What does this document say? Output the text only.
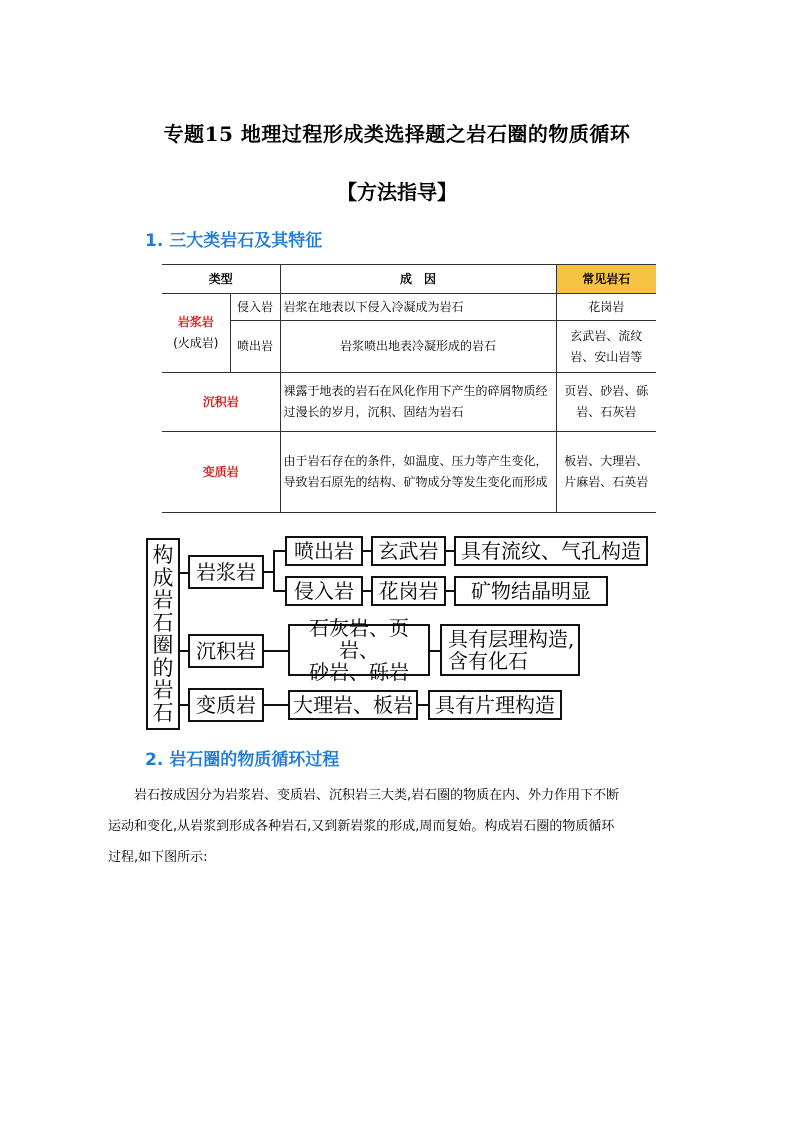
专题15 地理过程形成类选择题之岩石圈的物质循环
【方法指导】
1. 三大类岩石及其特征
类型		成　因	常见岩石

岩浆岩
(火成岩)	侵入岩	岩浆在地表以下侵入冷凝成为岩石	花岗岩
	喷出岩	岩浆喷出地表冷凝形成的岩石	玄武岩、流纹岩、安山岩等
沉积岩		裸露于地表的岩石在风化作用下产生的碎屑物质经过漫长的岁月，沉积、固结为岩石	页岩、砂岩、砾岩、石灰岩
变质岩		由于岩石存在的条件，如温度、压力等产生变化，导致岩石原先的结构、矿物成分等发生变化而形成	板岩、大理岩、片麻岩、石英岩
构
成
岩
石
圈
的
岩
石
岩浆岩
沉积岩
变质岩
喷出岩
侵入岩
玄武岩
花岗岩
具有流纹、气孔构造
矿物结晶明显
石灰岩、页岩、
砂岩、砾岩
具有层理构造,
含有化石
大理岩、板岩	具有片理构造
2. 岩石圈的物质循环过程

岩石按成因分为岩浆岩、变质岩、沉积岩三大类,岩石圈的物质在内、外力作用下不断

运动和变化,从岩浆到形成各种岩石,又到新岩浆的形成,周而复始。构成岩石圈的物质循环

过程,如下图所示:
